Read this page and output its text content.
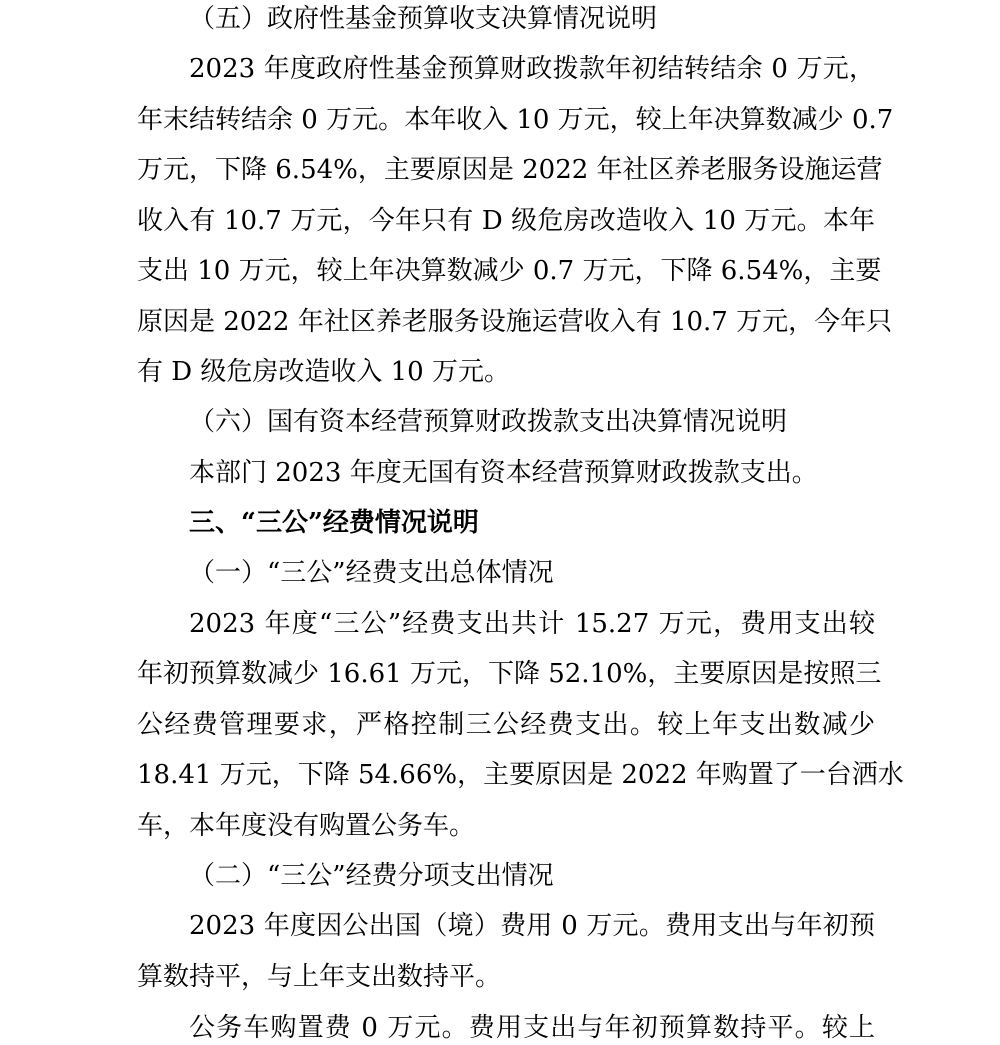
（五）政府性基金预算收支决算情况说明
2023 年度政府性基金预算财政拨款年初结转结余 0 万元，
年末结转结余 0 万元。本年收入 10 万元，较上年决算数减少 0.7
万元，下降 6.54%，主要原因是 2022 年社区养老服务设施运营
收入有 10.7 万元，今年只有 D 级危房改造收入 10 万元。本年
支出 10 万元，较上年决算数减少 0.7 万元，下降 6.54%，主要
原因是 2022 年社区养老服务设施运营收入有 10.7 万元，今年只
有 D 级危房改造收入 10 万元。
（六）国有资本经营预算财政拨款支出决算情况说明
本部门 2023 年度无国有资本经营预算财政拨款支出。
三、“三公”经费情况说明
（一）“三公”经费支出总体情况
2023 年度“三公”经费支出共计 15.27 万元，费用支出较
年初预算数减少 16.61 万元，下降 52.10%，主要原因是按照三
公经费管理要求，严格控制三公经费支出。较上年支出数减少
18.41 万元，下降 54.66%，主要原因是 2022 年购置了一台洒水
车，本年度没有购置公务车。
（二）“三公”经费分项支出情况
2023 年度因公出国（境）费用 0 万元。费用支出与年初预
算数持平，与上年支出数持平。
公务车购置费 0 万元。费用支出与年初预算数持平。较上
